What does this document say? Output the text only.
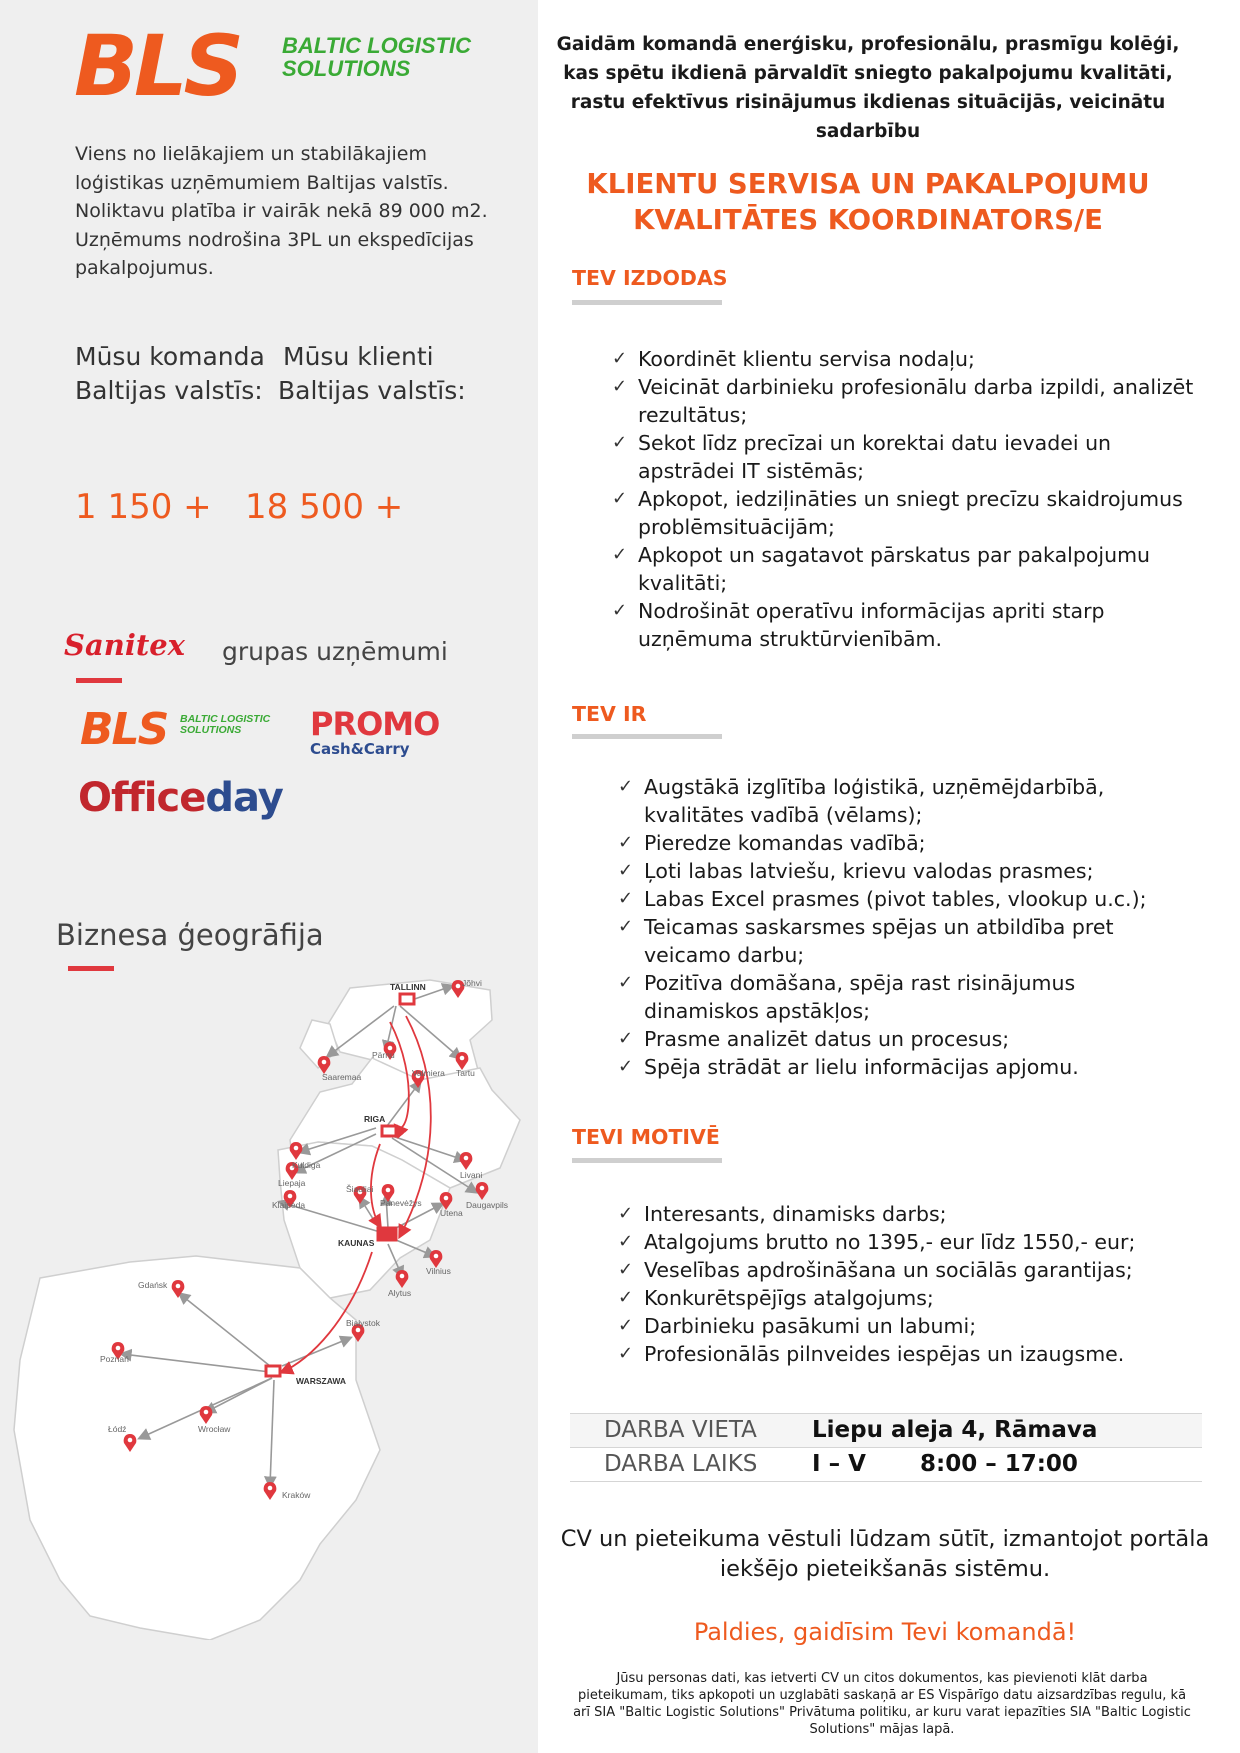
BLS BALTIC LOGISTIC
SOLUTIONS
Viens no lielākajiem un stabilākajiem loģistikas uzņēmumiem Baltijas valstīs. Noliktavu platība ir vairāk nekā 89 000 m2. Uzņēmums nodrošina 3PL un ekspedīcijas pakalpojumus.
Mūsu komanda
Baltijas valstīs:
Mūsu klienti
Baltijas valstīs:
1 150 + 18 500 +
Sanitex grupas uzņēmumi
BLS BALTIC LOGISTIC
SOLUTIONS	PROMO
Cash&Carry
Officeday
Biznesa ģeogrāfija
TALLINN
RIGA
KAUNAS
WARSZAWA
Jõhvi
Pärnu
Tartu
Saaremaa	Valmiera
Kuldiga
Liepaja
Livani
Daugavpils
Šiauliai
Panevėžys
Utena
Klaipėda
Vilnius
Alytus
Gdańsk
Białystok
Poznań
Wrocław
Łódź
Kraków
Gaidām komandā enerģisku, profesionālu, prasmīgu kolēģi, kas spētu ikdienā pārvaldīt sniegto pakalpojumu kvalitāti, rastu efektīvus risinājumus ikdienas situācijās, veicinātu sadarbību
KLIENTU SERVISA UN PAKALPOJUMU
KVALITĀTES KOORDINATORS/E
TEV IZDODAS
✓ Koordinēt klientu servisa nodaļu;
✓ Veicināt darbinieku profesionālu darba izpildi, analizēt rezultātus;
✓ Sekot līdz precīzai un korektai datu ievadei un apstrādei IT sistēmās;
✓ Apkopot, iedziļināties un sniegt precīzu skaidrojumus problēmsituācijām;
✓ Apkopot un sagatavot pārskatus par pakalpojumu kvalitāti;
✓ Nodrošināt operatīvu informācijas apriti starp uzņēmuma struktūrvienībām.
TEV IR
✓ Augstākā izglītība loģistikā, uzņēmējdarbībā, kvalitātes vadībā (vēlams);
✓ Pieredze komandas vadībā;
✓ Ļoti labas latviešu, krievu valodas prasmes;
✓ Labas Excel prasmes (pivot tables, vlookup u.c.);
✓ Teicamas saskarsmes spējas un atbildība pret veicamo darbu;
✓ Pozitīva domāšana, spēja rast risinājumus dinamiskos apstākļos;
✓ Prasme analizēt datus un procesus;
✓ Spēja strādāt ar lielu informācijas apjomu.
TEVI MOTIVĒ
✓ Interesants, dinamisks darbs;
✓ Atalgojums brutto no 1395,- eur līdz 1550,- eur;
✓ Veselības apdrošināšana un sociālās garantijas;
✓ Konkurētspējīgs atalgojums;
✓ Darbinieku pasākumi un labumi;
✓ Profesionālās pilnveides iespējas un izaugsme.
DARBA VIETA Liepu aleja 4, Rāmava
DARBA LAIKS I – V 8:00 – 17:00
CV un pieteikuma vēstuli lūdzam sūtīt, izmantojot portāla iekšējo pieteikšanās sistēmu.
Paldies, gaidīsim Tevi komandā!
Jūsu personas dati, kas ietverti CV un citos dokumentos, kas pievienoti klāt darba pieteikumam, tiks apkopoti un uzglabāti saskaņā ar ES Vispārīgo datu aizsardzības regulu, kā arī SIA "Baltic Logistic Solutions" Privātuma politiku, ar kuru varat iepazīties SIA "Baltic Logistic Solutions" mājas lapā.
